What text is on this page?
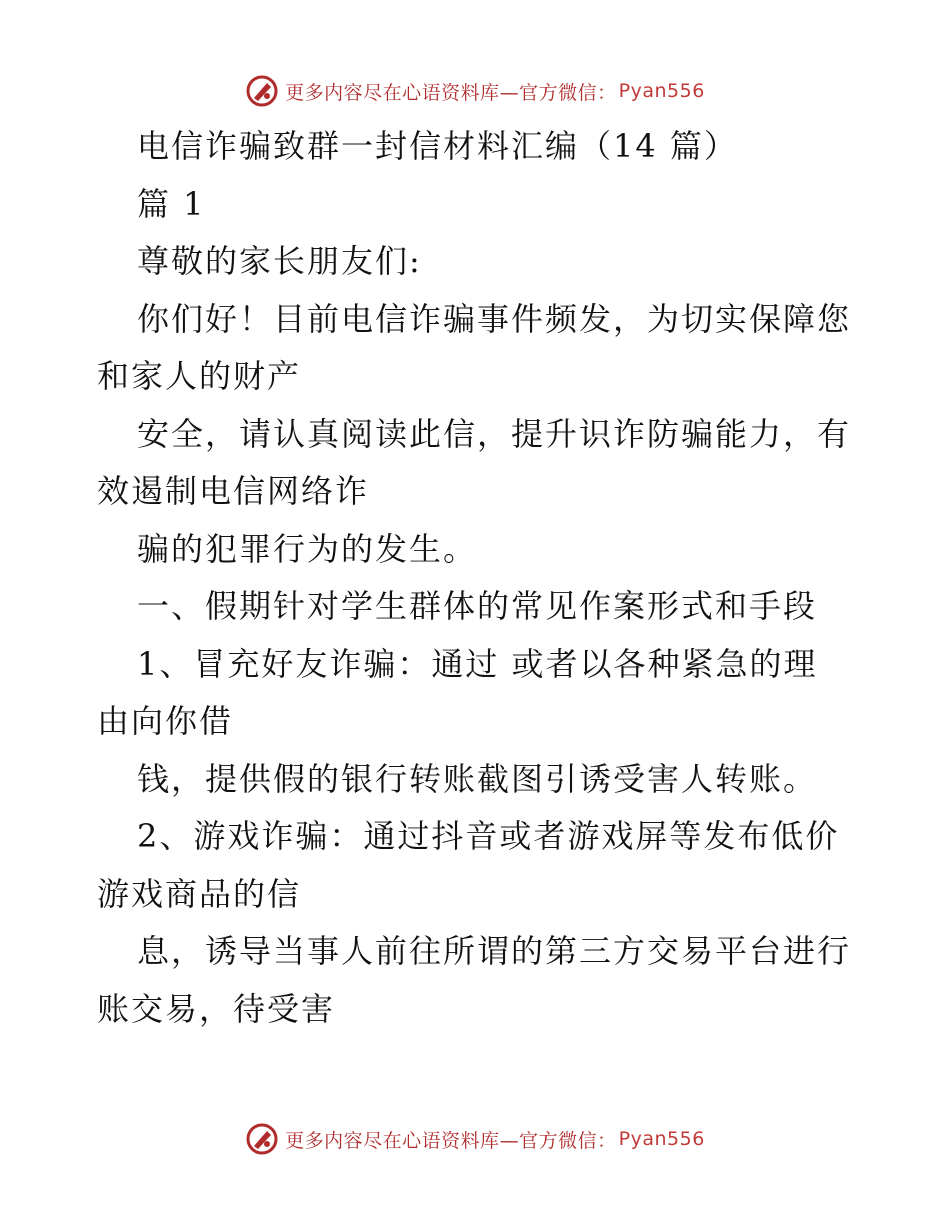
更多内容尽在心语资料库—官方微信： Pyan556
电信诈骗致群一封信材料汇编（14 篇）
篇 1
尊敬的家长朋友们:
你们好！目前电信诈骗事件频发，为切实保障您
和家人的财产
安全，请认真阅读此信，提升识诈防骗能力，有
效遏制电信网络诈
骗的犯罪行为的发生。
一、假期针对学生群体的常见作案形式和手段
1、冒充好友诈骗：通过 或者以各种紧急的理
由向你借
钱，提供假的银行转账截图引诱受害人转账。
2、游戏诈骗：通过抖音或者游戏屏等发布低价
游戏商品的信
息，诱导当事人前往所谓的第三方交易平台进行
账交易，待受害
更多内容尽在心语资料库—官方微信： Pyan556
